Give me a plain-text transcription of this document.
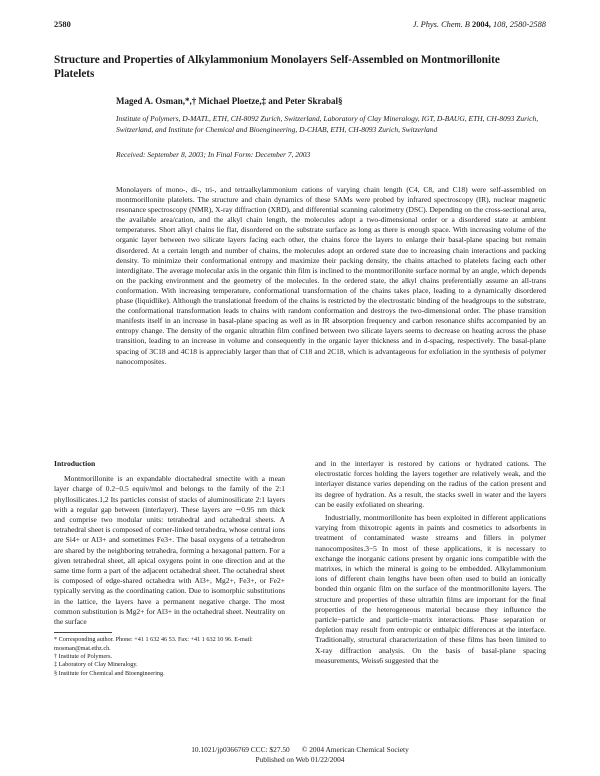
2580	J. Phys. Chem. B 2004, 108, 2580-2588
Structure and Properties of Alkylammonium Monolayers Self-Assembled on Montmorillonite Platelets
Maged A. Osman,*,† Michael Ploetze,‡ and Peter Skrabal§
Institute of Polymers, D-MATL, ETH, CH-8092 Zurich, Switzerland, Laboratory of Clay Mineralogy, IGT, D-BAUG, ETH, CH-8093 Zurich, Switzerland, and Institute for Chemical and Bioengineering, D-CHAB, ETH, CH-8093 Zurich, Switzerland
Received: September 8, 2003; In Final Form: December 7, 2003

Monolayers of mono-, di-, tri-, and tetraalkylammonium cations of varying chain length (C4, C8, and C18) were self-assembled on montmorillonite platelets. The structure and chain dynamics of these SAMs were probed by infrared spectroscopy (IR), nuclear magnetic resonance spectroscopy (NMR), X-ray diffraction (XRD), and differential scanning calorimetry (DSC). Depending on the cross-sectional area, the available area/cation, and the alkyl chain length, the molecules adopt a two-dimensional order or a disordered state at ambient temperatures. Short alkyl chains lie flat, disordered on the substrate surface as long as there is enough space. With increasing volume of the organic layer between two silicate layers facing each other, the chains force the layers to enlarge their basal-plane spacing but remain disordered. At a certain length and number of chains, the molecules adopt an ordered state due to increasing chain interactions and packing density. To minimize their conformational entropy and maximize their packing density, the chains attached to platelets facing each other interdigitate. The average molecular axis in the organic thin film is inclined to the montmorillonite surface normal by an angle, which depends on the packing environment and the geometry of the molecules. In the ordered state, the alkyl chains preferentially assume an all-trans conformation. With increasing temperature, conformational transformation of the chains takes place, leading to a dynamically disordered phase (liquidlike). Although the translational freedom of the chains is restricted by the electrostatic binding of the headgroups to the substrate, the conformational transformation leads to chains with random conformation and destroys the two-dimensional order. The phase transition manifests itself in an increase in basal-plane spacing as well as in IR absorption frequency and carbon resonance shifts accompanied by an entropy change. The density of the organic ultrathin film confined between two silicate layers seems to decrease on heating across the phase transition, leading to an increase in volume and consequently in the organic layer thickness and in d-spacing, respectively. The basal-plane spacing of 3C18 and 4C18 is appreciably larger than that of C18 and 2C18, which is advantageous for exfoliation in the synthesis of polymer nanocomposites.

Introduction

Montmorillonite is an expandable dioctahedral smectite with a mean layer charge of 0.2−0.5 equiv/mol and belongs to the family of the 2:1 phyllosilicates.1,2 Its particles consist of stacks of aluminosilicate 2:1 layers with a regular gap between (interlayer). These layers are ∼0.95 nm thick and comprise two modular units: tetrahedral and octahedral sheets. A tetrahedral sheet is composed of corner-linked tetrahedra, whose central ions are Si4+ or Al3+ and sometimes Fe3+. The basal oxygens of a tetrahedron are shared by the neighboring tetrahedra, forming a hexagonal pattern. For a given tetrahedral sheet, all apical oxygens point in one direction and at the same time form a part of the adjacent octahedral sheet. The octahedral sheet is composed of edge-shared octahedra with Al3+, Mg2+, Fe3+, or Fe2+ typically serving as the coordinating cation. Due to isomorphic substitutions in the lattice, the layers have a permanent negative charge. The most common substitution is Mg2+ for Al3+ in the octahedral sheet. Neutrality on the surface

* Corresponding author. Phone: +41 1 632 46 53. Fax: +41 1 632 10 96. E-mail: mosman@mat.ethz.ch.
† Institute of Polymers.
‡ Laboratory of Clay Mineralogy.
§ Institute for Chemical and Bioengineering.

and in the interlayer is restored by cations or hydrated cations. The electrostatic forces holding the layers together are relatively weak, and the interlayer distance varies depending on the radius of the cation present and its degree of hydration. As a result, the stacks swell in water and the layers can be easily exfoliated on shearing.

Industrially, montmorillonite has been exploited in different applications varying from thixotropic agents in paints and cosmetics to adsorbents in treatment of contaminated waste streams and fillers in polymer nanocomposites.3−5 In most of these applications, it is necessary to exchange the inorganic cations present by organic ions compatible with the matrixes, in which the mineral is going to be embedded. Alkylammonium ions of different chain lengths have been often used to build an ionically bonded thin organic film on the surface of the montmorillonite layers. The structure and properties of these ultrathin films are important for the final properties of the heterogeneous material because they influence the particle−particle and particle−matrix interactions. Phase separation or depletion may result from entropic or enthalpic differences at the interface. Traditionally, structural characterization of these films has been limited to X-ray diffraction analysis. On the basis of basal-plane spacing measurements, Weiss6 suggested that the

10.1021/jp0366769 CCC: $27.50 © 2004 American Chemical Society
Published on Web 01/22/2004
